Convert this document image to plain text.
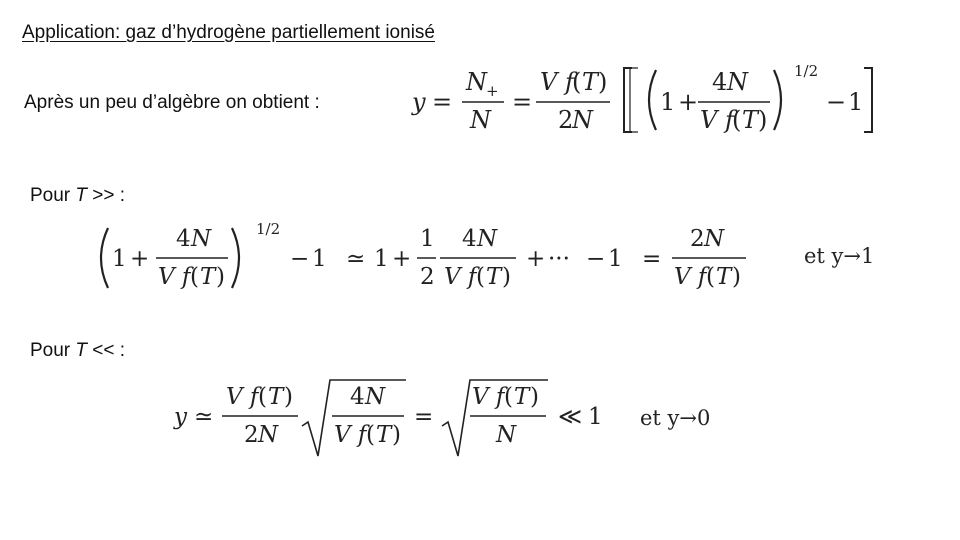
Application: gaz d’hydrogène partiellement ionisé
Après un peu d’algèbre on obtient :	y =
N +
N
=
V f
( T )
2
N
1 +
4 N
V f
( T )
1/2
− 1
Pour T >> :
1 +
4 N
V f ( T )
1/2
− 1 ≃ 1 +
1
2
4 N
V f ( T )
+ ··· − 1 =
2 N
V f ( T )
et y→1
Pour T << :
y ≃
V f ( T )
2 N
4 N
V f ( T )
=
V f ( T )
N
≪ 1 et y→0
